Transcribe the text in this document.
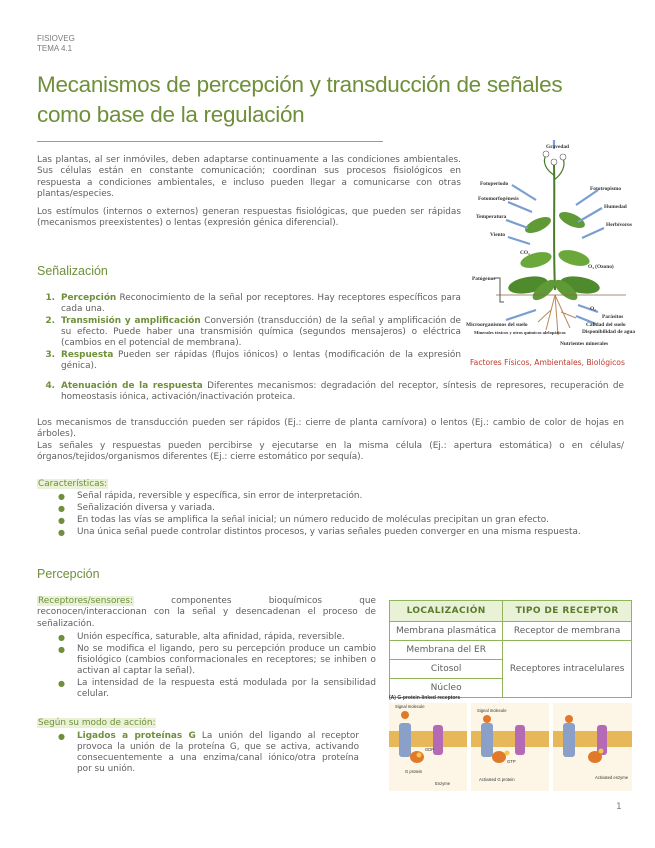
FISIOVEG
TEMA 4.1
Mecanismos de percepción y transducción de señales como base de la regulación

Las plantas, al ser inmóviles, deben adaptarse continuamente a las condiciones ambientales. Sus células están en constante comunicación; coordinan sus procesos fisiológicos en respuesta a condiciones ambientales, e incluso pueden llegar a comunicarse con otras plantas/especies.

Los estímulos (internos o externos) generan respuestas fisiológicas, que pueden ser rápidas (mecanismos preexistentes) o lentas (expresión génica diferencial).

Gravedad
Fotoperiodo
Fotomorfogénesis
Temperatura
Viento
CO₂
Patógenos
Fototropismo
Humedad
Herbívoros
O₃ (Ozono)
O₂
Parásitos
Calidad del suelo
Disponibilidad de agua
Nutrientes minerales
Microorganismos del suelo
Minerales tóxicos y otros químicos alelopáticos
Factores Físicos, Ambientales, Biológicos
Señalización
1. Percepción Reconocimiento de la señal por receptores. Hay receptores específicos para cada una.
2. Transmisión y amplificación Conversión (transducción) de la señal y amplificación de su efecto. Puede haber una transmisión química (segundos mensajeros) o eléctrica (cambios en el potencial de membrana).
3. Respuesta Pueden ser rápidas (flujos iónicos) o lentas (modificación de la expresión génica).
4. Atenuación de la respuesta Diferentes mecanismos: degradación del receptor, síntesis de represores, recuperación de homeostasis iónica, activación/inactivación proteica.

Los mecanismos de transducción pueden ser rápidos (Ej.: cierre de planta carnívora) o lentos (Ej.: cambio de color de hojas en árboles).

Las señales y respuestas pueden percibirse y ejecutarse en la misma célula (Ej.: apertura estomática) o en células/órganos/tejidos/organismos diferentes (Ej.: cierre estomático por sequía).

Características:
● Señal rápida, reversible y específica, sin error de interpretación.
● Señalización diversa y variada.
● En todas las vías se amplifica la señal inicial; un número reducido de moléculas precipitan un gran efecto.
● Una única señal puede controlar distintos procesos, y varias señales pueden converger en una misma respuesta.
Percepción

Receptores/sensores: componentes bioquímicos que reconocen/interaccionan con la señal y desencadenan el proceso de señalización.

● Unión específica, saturable, alta afinidad, rápida, reversible.
● No se modifica el ligando, pero su percepción produce un cambio fisiológico (cambios conformacionales en receptores; se inhiben o activan al captar la señal).
● La intensidad de la respuesta está modulada por la sensibilidad celular.
Según su modo de acción:
● Ligados a proteínas G La unión del ligando al receptor provoca la unión de la proteína G, que se activa, activando consecuentemente a una enzima/canal iónico/otra proteína por su unión.
LOCALIZACIÓN	TIPO DE RECEPTOR
Membrana plasmática	Receptor de membrana
Membrana del ER	Receptores intracelulares
Citosol	
Núcleo	
(A) G-protein-linked receptors
Signal molecule
Signal molecule
G protein
Enzyme
GDP
GTP
Activated G protein	Activated enzyme
1
